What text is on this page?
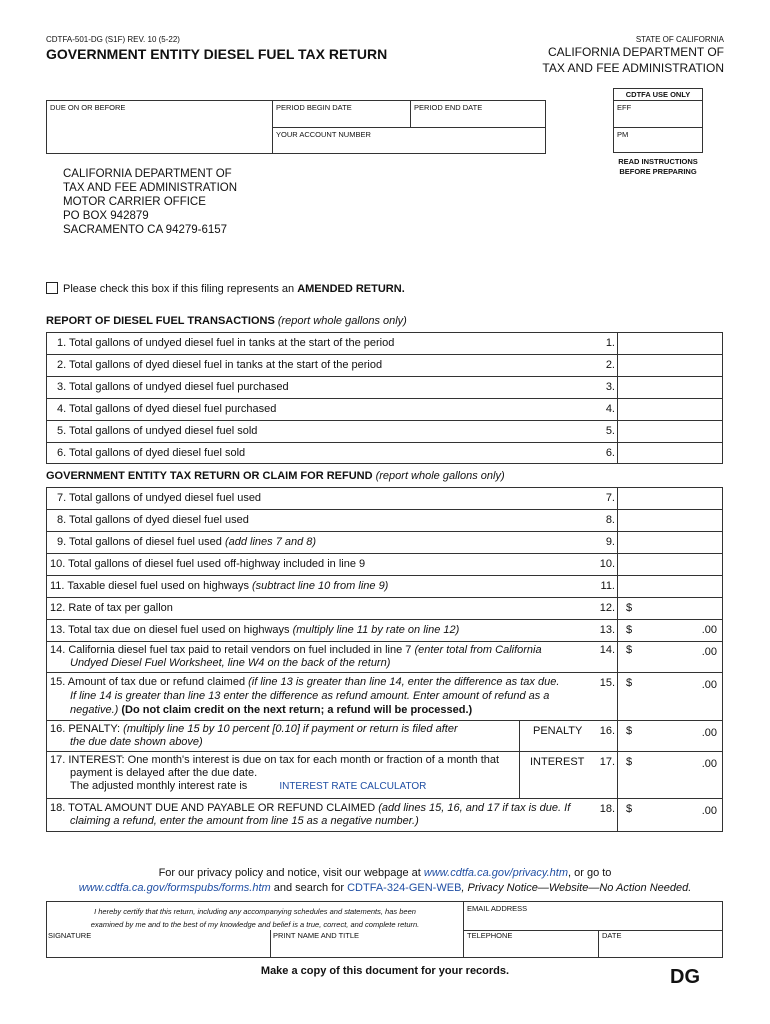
CDTFA-501-DG (S1F) REV. 10 (5-22)	STATE OF CALIFORNIA
GOVERNMENT ENTITY DIESEL FUEL TAX RETURN	CALIFORNIA DEPARTMENT OF
TAX AND FEE ADMINISTRATION
DUE ON OR BEFORE	PERIOD BEGIN DATE	PERIOD END DATE
YOUR ACCOUNT NUMBER
CDTFA USE ONLY
EFF
PM
READ INSTRUCTIONS
BEFORE PREPARING
CALIFORNIA DEPARTMENT OF
TAX AND FEE ADMINISTRATION
MOTOR CARRIER OFFICE
PO BOX 942879
SACRAMENTO CA 94279-6157
Please check this box if this filing represents an AMENDED RETURN.
REPORT OF DIESEL FUEL TRANSACTIONS (report whole gallons only)
1. Total gallons of undyed diesel fuel in tanks at the start of the period	1.
2. Total gallons of dyed diesel fuel in tanks at the start of the period	2.
3. Total gallons of undyed diesel fuel purchased	3.
4. Total gallons of dyed diesel fuel purchased	4.
5. Total gallons of undyed diesel fuel sold	5.
6. Total gallons of dyed diesel fuel sold	6.
GOVERNMENT ENTITY TAX RETURN OR CLAIM FOR REFUND (report whole gallons only)
7. Total gallons of undyed diesel fuel used	7.
8. Total gallons of dyed diesel fuel used	8.
9. Total gallons of diesel fuel used (add lines 7 and 8)	9.
10. Total gallons of diesel fuel used off-highway included in line 9	10.
11. Taxable diesel fuel used on highways (subtract line 10 from line 9)	11.
12. Rate of tax per gallon	12. $
13. Total tax due on diesel fuel used on highways (multiply line 11 by rate on line 12)	13. $	.00
14. California diesel fuel tax paid to retail vendors on fuel included in line 7 (enter total from California
Undyed Diesel Fuel Worksheet, line W4 on the back of the return)
14. $	.00
15. Amount of tax due or refund claimed (if line 13 is greater than line 14, enter the difference as tax due.
If line 14 is greater than line 13 enter the difference as refund amount. Enter amount of refund as a
negative.) (Do not claim credit on the next return; a refund will be processed.)
15. $	.00
16. PENALTY: (multiply line 15 by 10 percent [0.10] if payment or return is filed after
the due date shown above)
PENALTY 16. $	.00
17. INTEREST: One month's interest is due on tax for each month or fraction of a month that
payment is delayed after the due date.
The adjusted monthly interest rate is	INTEREST RATE CALCULATOR
INTEREST 17. $	.00
18. TOTAL AMOUNT DUE AND PAYABLE OR REFUND CLAIMED (add lines 15, 16, and 17 if tax is due. If
claiming a refund, enter the amount from line 15 as a negative number.)
18. $	.00
For our privacy policy and notice, visit our webpage at www.cdtfa.ca.gov/privacy.htm, or go to
www.cdtfa.ca.gov/formspubs/forms.htm and search for CDTFA-324-GEN-WEB, Privacy Notice—Website—No Action Needed.
I hereby certify that this return, including any accompanying schedules and statements, has been
examined by me and to the best of my knowledge and belief is a true, correct, and complete return.
EMAIL ADDRESS
SIGNATURE	PRINT NAME AND TITLE	TELEPHONE	DATE
Make a copy of this document for your records.	DG
